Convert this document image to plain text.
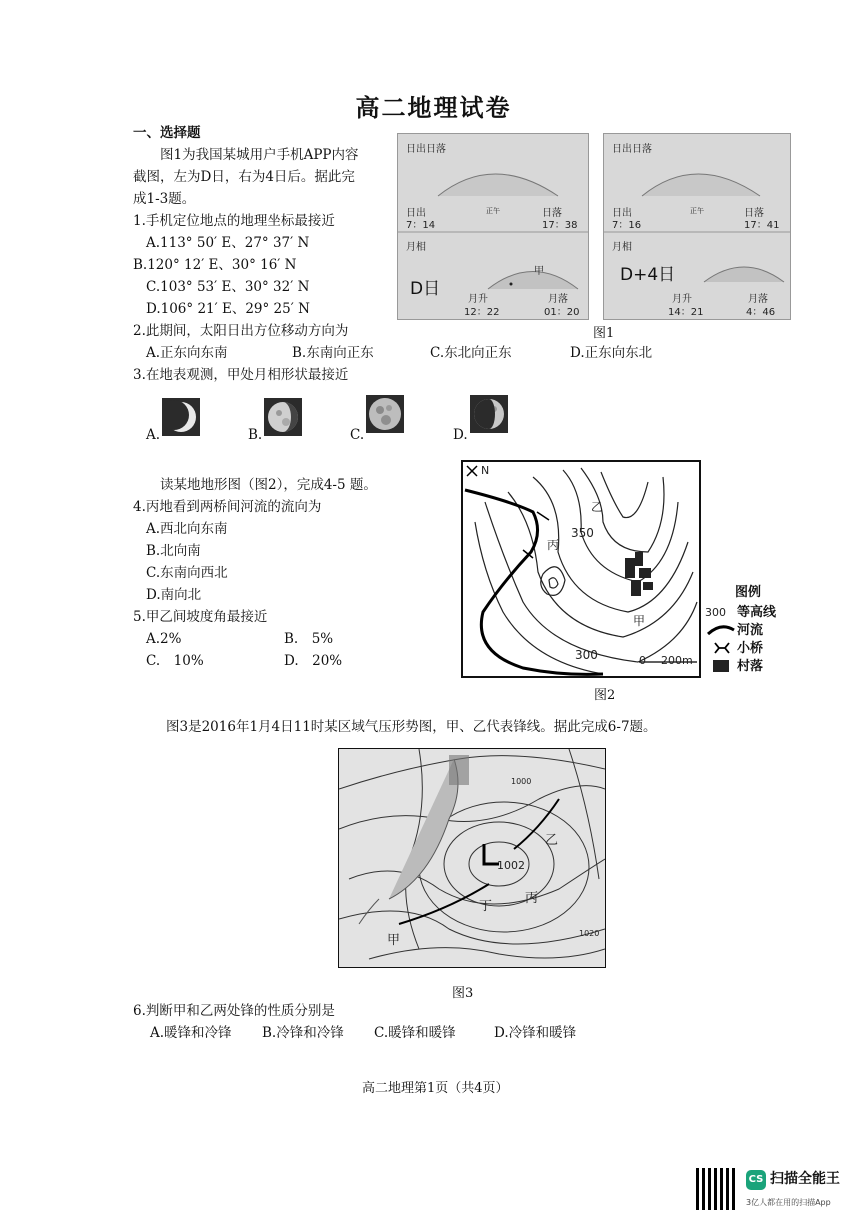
高二地理试卷
一、选择题
图1为我国某城用户手机APP内容
截图，左为D日，右为4日后。据此完
成1-3题。
1.手机定位地点的地理坐标最接近
A.113° 50′ E、27° 37′ N
B.120° 12′ E、30° 16′ N
C.103° 53′ E、30° 32′ N
D.106° 21′ E、29° 25′ N
2.此期间，太阳日出方位移动方向为
A.正东向东南	B.东南向正东	C.东北向正东	D.正东向东北
3.在地表观测，甲处月相形状最接近
A.	B.	C.	D.
日出日落
日出
7：14
正午	日落
17：38
月相
D日
甲
月升
12：22
月落
01：20
日出日落
日出
7：16
正午	日落
17：41
月相
D+4日
月升
14：21
月落
4：46
图1
读某地地形图（图2），完成4-5 题。
4.丙地看到两桥间河流的流向为
A.西北向东南
B.北向南
C.东南向西北
D.南向北
5.甲乙间坡度角最接近
A.2%	B.　5%
C.　10%	D.　20%
N
乙
丙
甲
350
300	0 200m
图例
300 等高线
河流
小桥
村落
图2
图3是2016年1月4日11时某区域气压形势图，甲、乙代表锋线。据此完成6-7题。
1000
1002
1020
乙
丙
丁
甲
图3
6.判断甲和乙两处锋的性质分别是
A.暖锋和冷锋 B.冷锋和冷锋 C.暖锋和暖锋	D.冷锋和暖锋
高二地理第1页（共4页）
CS 扫描全能王
3亿人都在用的扫描App
